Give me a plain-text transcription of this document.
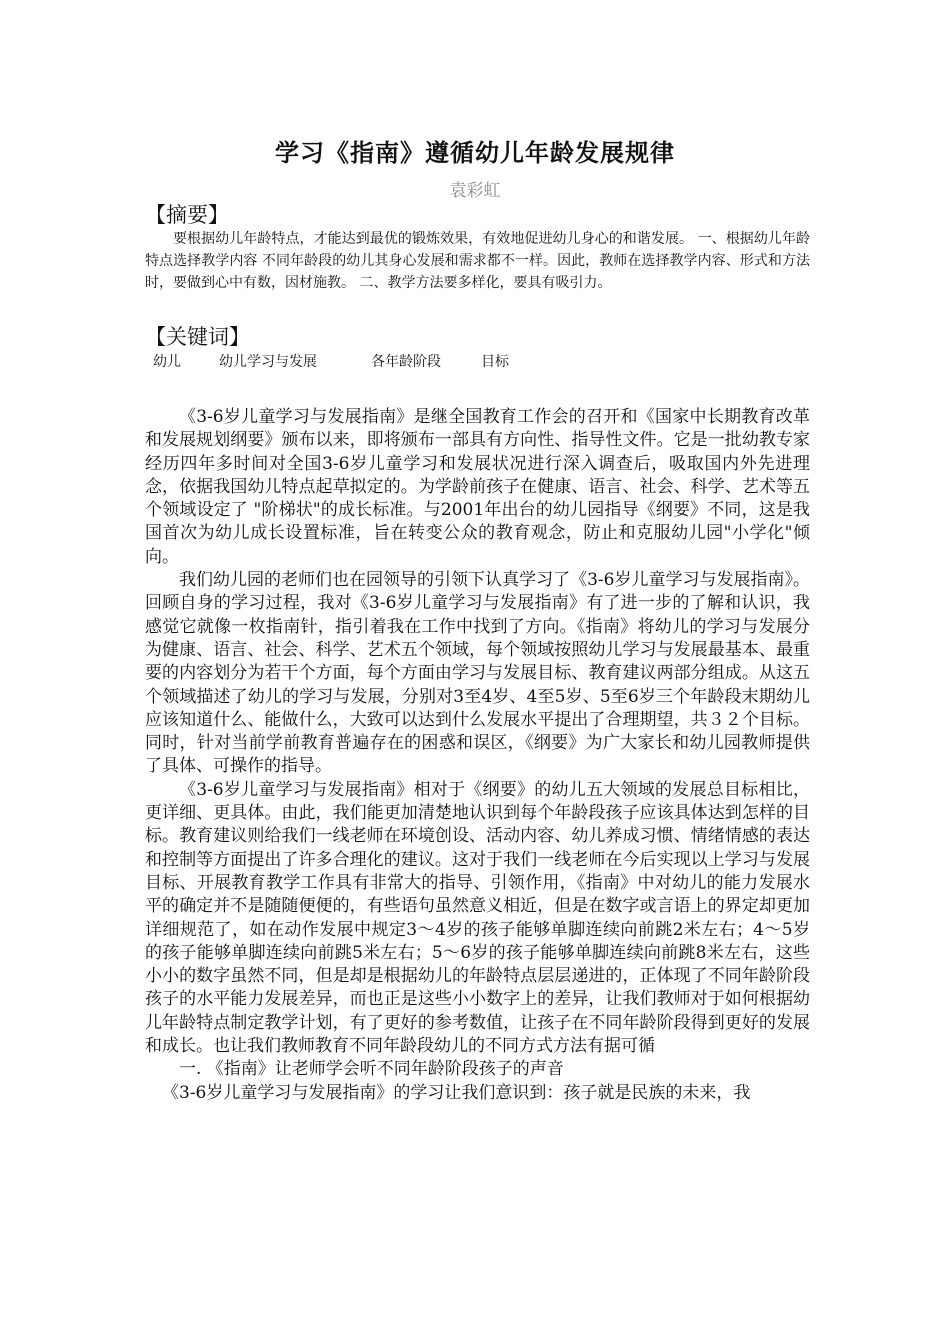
学习《指南》遵循幼儿年龄发展规律
袁彩虹
【摘要】

要根据幼儿年龄特点，才能达到最优的锻炼效果，有效地促进幼儿身心的和谐发展。 一、根据幼儿年龄特点选择教学内容 不同年龄段的幼儿其身心发展和需求都不一样。因此，教师在选择教学内容、形式和方法时，要做到心中有数，因材施教。 二、教学方法要多样化，要具有吸引力。

【关键词】
幼儿	幼儿学习与发展	各年龄阶段	目标

《3-6岁儿童学习与发展指南》是继全国教育工作会的召开和《国家中长期教育改革和发展规划纲要》颁布以来，即将颁布一部具有方向性、指导性文件。它是一批幼教专家经历四年多时间对全国3-6岁儿童学习和发展状况进行深入调查后，吸取国内外先进理念，依据我国幼儿特点起草拟定的。为学龄前孩子在健康、语言、社会、科学、艺术等五个领域设定了 "阶梯状"的成长标准。与2001年出台的幼儿园指导《纲要》不同，这是我国首次为幼儿成长设置标准，旨在转变公众的教育观念，防止和克服幼儿园"小学化"倾向。

我们幼儿园的老师们也在园领导的引领下认真学习了《3-6岁儿童学习与发展指南》。回顾自身的学习过程，我对《3-6岁儿童学习与发展指南》有了进一步的了解和认识，我感觉它就像一枚指南针，指引着我在工作中找到了方向。《指南》将幼儿的学习与发展分为健康、语言、社会、科学、艺术五个领域，每个领域按照幼儿学习与发展最基本、最重要的内容划分为若干个方面，每个方面由学习与发展目标、教育建议两部分组成。从这五个领域描述了幼儿的学习与发展，分别对3至4岁、4至5岁、5至6岁三个年龄段末期幼儿应该知道什么、能做什么，大致可以达到什么发展水平提出了合理期望，共３２个目标。同时，针对当前学前教育普遍存在的困惑和误区，《纲要》为广大家长和幼儿园教师提供了具体、可操作的指导。

《3-6岁儿童学习与发展指南》相对于《纲要》的幼儿五大领域的发展总目标相比，更详细、更具体。由此，我们能更加清楚地认识到每个年龄段孩子应该具体达到怎样的目标。教育建议则给我们一线老师在环境创设、活动内容、幼儿养成习惯、情绪情感的表达和控制等方面提出了许多合理化的建议。这对于我们一线老师在今后实现以上学习与发展目标、开展教育教学工作具有非常大的指导、引领作用，《指南》中对幼儿的能力发展水平的确定并不是随随便便的，有些语句虽然意义相近，但是在数字或言语上的界定却更加详细规范了，如在动作发展中规定3～4岁的孩子能够单脚连续向前跳2米左右；4～5岁的孩子能够单脚连续向前跳5米左右；5～6岁的孩子能够单脚连续向前跳8米左右，这些小小的数字虽然不同，但是却是根据幼儿的年龄特点层层递进的，正体现了不同年龄阶段孩子的水平能力发展差异，而也正是这些小小数字上的差异，让我们教师对于如何根据幼儿年龄特点制定教学计划，有了更好的参考数值，让孩子在不同年龄阶段得到更好的发展和成长。也让我们教师教育不同年龄段幼儿的不同方式方法有据可循

一. 《指南》让老师学会听不同年龄阶段孩子的声音

《3-6岁儿童学习与发展指南》的学习让我们意识到：孩子就是民族的未来，我
